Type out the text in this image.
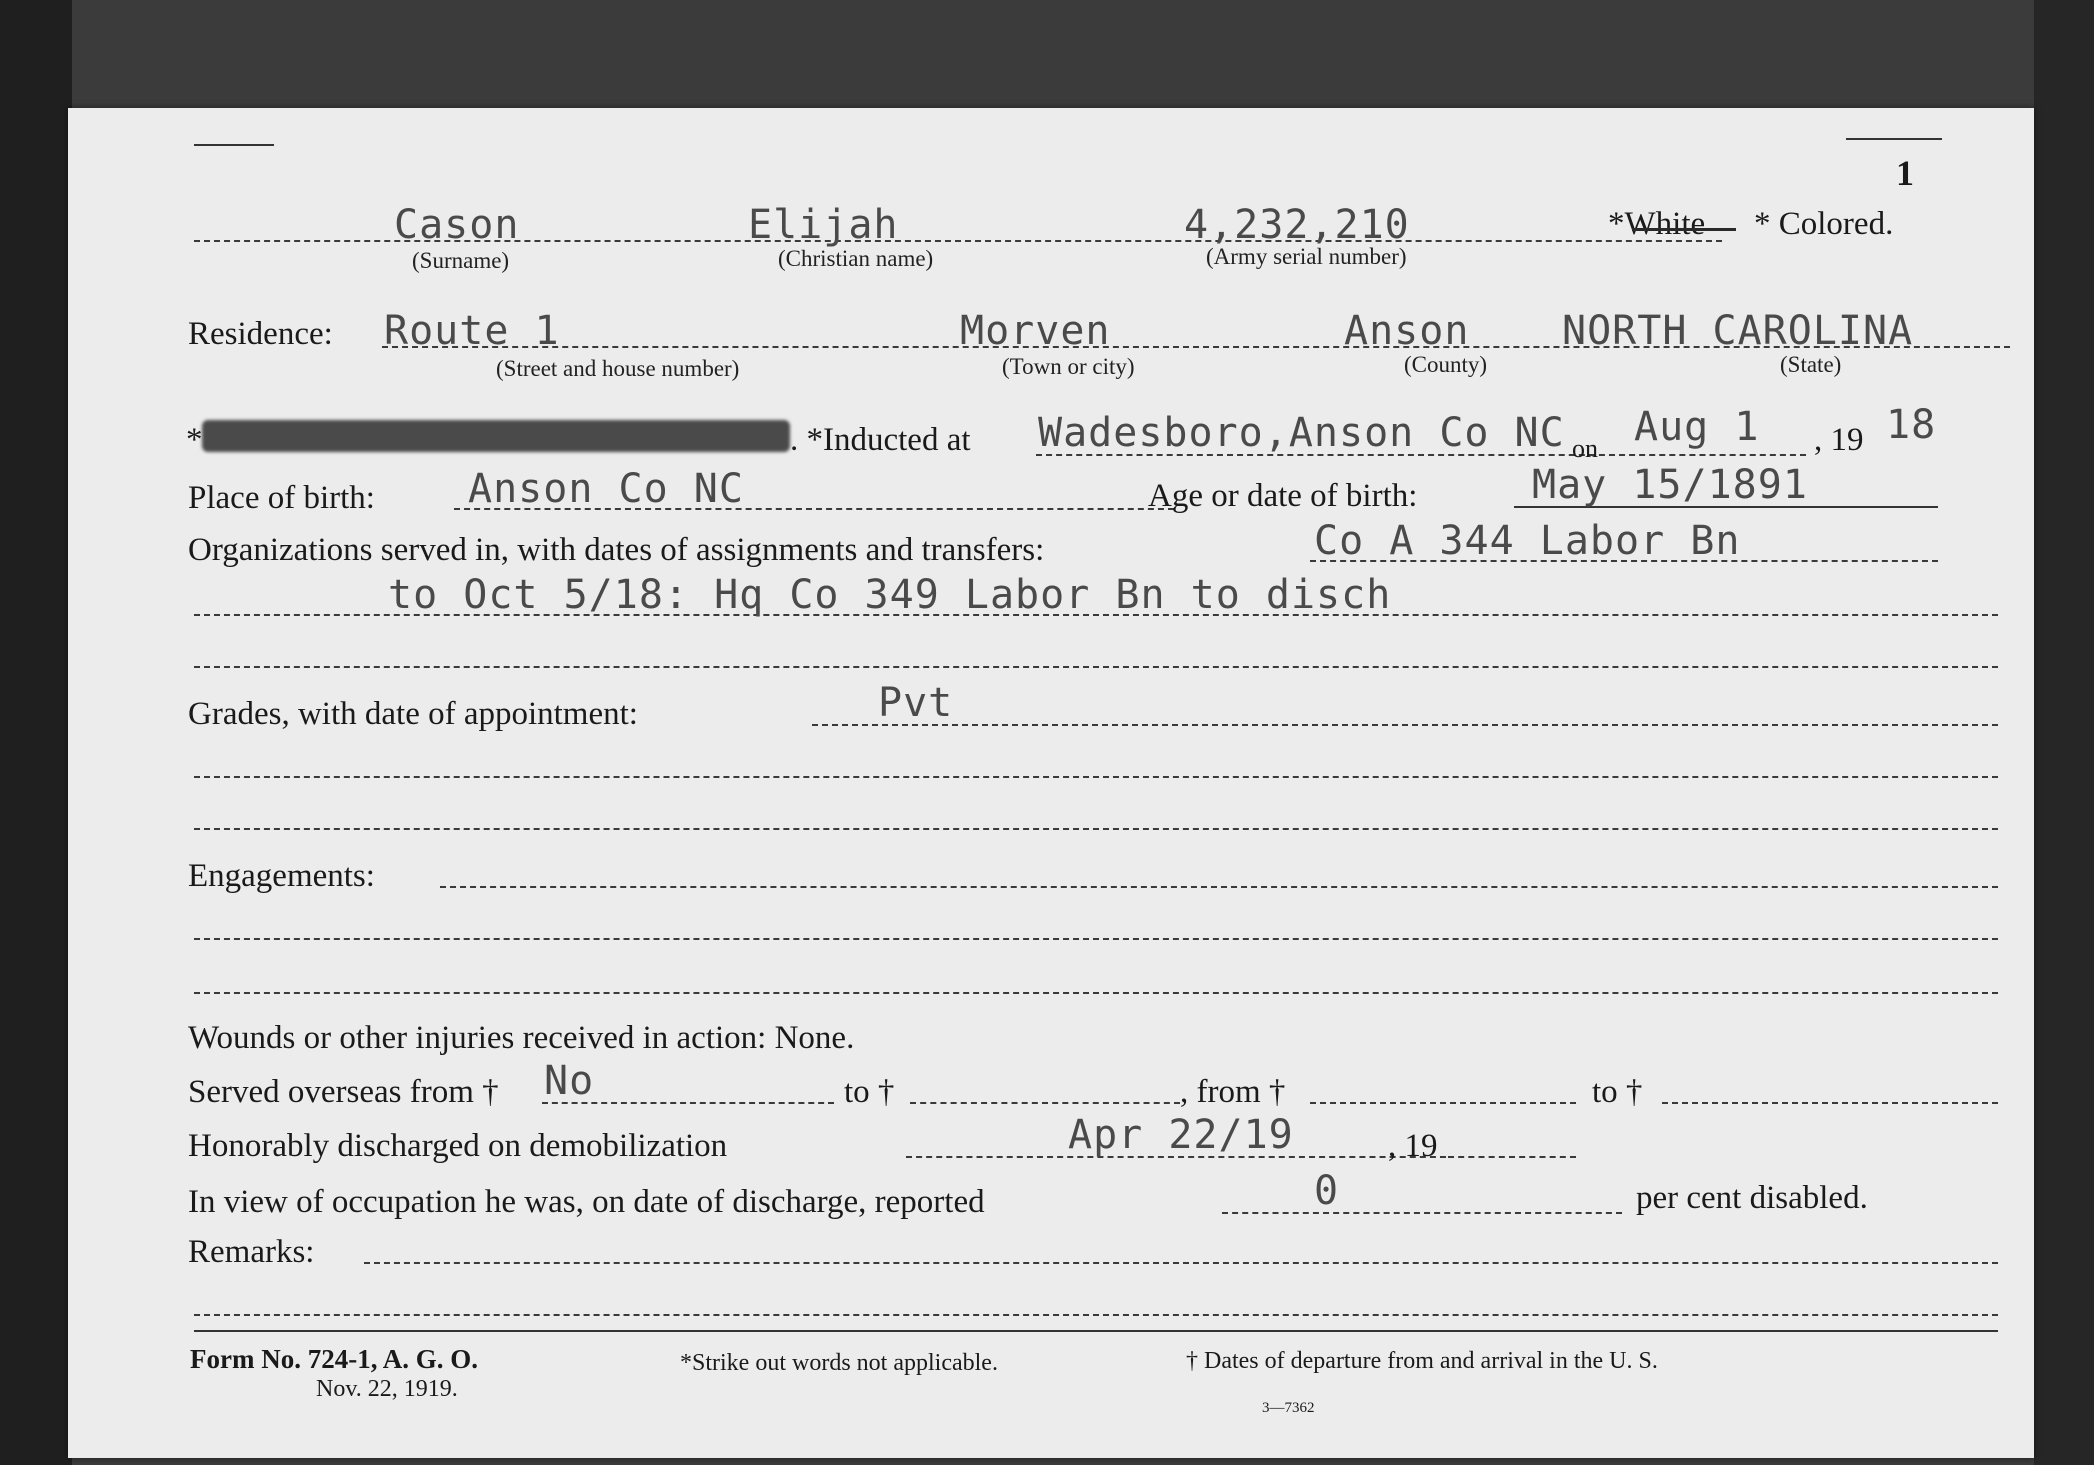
1
Cason	Elijah	4,232,210
(Surname)	(Christian name)	(Army serial number)
*White * Colored.
Residence: Route 1	Morven	Anson NORTH CAROLINA
(Street and house number)	(Town or city)	(County)	(State)
*	. *Inducted at Wadesboro,Anson Co NC on Aug 1 , 19 18
Place of birth: Anson Co NC	Age or date of birth:	May 15/1891
Organizations served in, with dates of assignments and transfers:	Co A 344 Labor Bn
to Oct 5/18: Hq Co 349 Labor Bn to disch
Grades, with date of appointment:	Pvt
Engagements:
Wounds or other injuries received in action: None.
Served overseas from † No	to †	, from †	to †
Honorably discharged on demobilization	Apr 22/19	, 19
In view of occupation he was, on date of discharge, reported	0	per cent disabled.
Remarks:
Form No. 724-1, A. G. O.
Nov. 22, 1919.
*Strike out words not applicable.	† Dates of departure from and arrival in the U. S.
3—7362
